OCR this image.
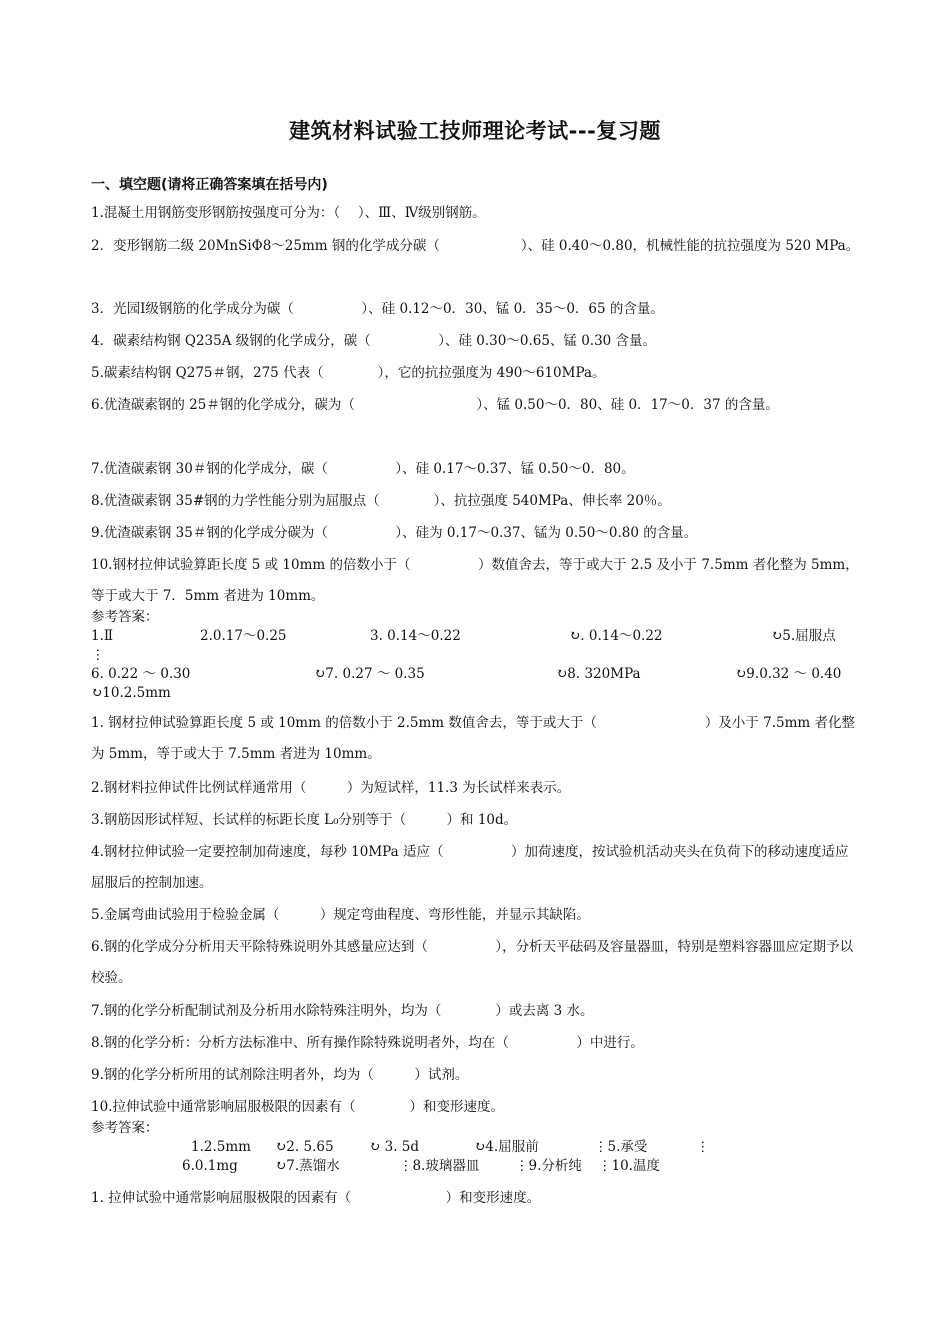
建筑材料试验工技师理论考试---复习题
一、填空题(请将正确答案填在括号内)

1.混凝土用钢筋变形钢筋按强度可分为：（　 ）、Ⅲ、Ⅳ级别钢筋。

2．变形钢筋二级 20MnSiΦ8～25mm 钢的化学成分碳（　　　　　　）、硅 0.40～0.80，机械性能的抗拉强度为 520 MPa。

3．光园Ⅰ级钢筋的化学成分为碳（　　　　　）、硅 0.12～0．30、锰 0．35～0．65 的含量。

4．碳素结构钢 Q235A 级钢的化学成分，碳（　　　　　）、硅 0.30～0.65、锰 0.30 含量。

5.碳素结构钢 Q275＃钢，275 代表（　　　　），它的抗拉强度为 490～610MPa。

6.优渣碳素钢的 25＃钢的化学成分，碳为（　　　　　　　　　）、锰 0.50～0．80、硅 0．17～0．37 的含量。

7.优渣碳素钢 30＃钢的化学成分，碳（　　　　　）、硅 0.17～0.37、锰 0.50～0．80。

8.优渣碳素钢 35#钢的力学性能分别为屈服点（　　　　）、抗拉强度 540MPa、伸长率 20％。

9.优渣碳素钢 35＃钢的化学成分碳为（　　　　　）、硅为 0.17～0.37、锰为 0.50～0.80 的含量。

10.钢材拉伸试验算距长度 5 或 10mm 的倍数小于（　　　　　）数值舍去，等于或大于 2.5 及小于 7.5mm 者化整为 5mm，等于或大于 7．5mm 者进为 10mm。

参考答案：
1.Ⅱ	2.0.17～0.25	3. 0.14～0.22	↻. 0.14～0.22	↻5.屈服点
⋮
6. 0.22 ～ 0.30	↻7. 0.27 ～ 0.35	↻8. 320MPa	↻9.0.32 ～ 0.40
↻10.2.5mm

1. 钢材拉伸试验算距长度 5 或 10mm 的倍数小于 2.5mm 数值舍去，等于或大于（　　　　　　　　）及小于 7.5mm 者化整为 5mm，等于或大于 7.5mm 者进为 10mm。

2.钢材料拉伸试件比例试样通常用（　　　）为短试样，11.3 为长试样来表示。

3.钢筋因形试样短、长试样的标距长度 L₀分别等于（　　　）和 10d。

4.钢材拉伸试验一定要控制加荷速度，每秒 10MPa 适应（　　　　　）加荷速度，按试验机活动夹头在负荷下的移动速度适应屈服后的控制加速。

5.金属弯曲试验用于检验金属（　　　）规定弯曲程度、弯形性能，并显示其缺陷。

6.钢的化学成分分析用天平除特殊说明外其感量应达到（　　　　　），分析天平砝码及容量器皿，特别是塑料容器皿应定期予以校验。

7.钢的化学分析配制试剂及分析用水除特殊注明外，均为（　　　　）或去离 3 水。

8.钢的化学分析：分析方法标准中、所有操作除特殊说明者外，均在（　　　　　）中进行。

9.钢的化学分析所用的试剂除注明者外，均为（　　　）试剂。

10.拉伸试验中通常影响屈服极限的因素有（　　　　）和变形速度。

参考答案：
1.2.5mm ↻2. 5.65	↻ 3. 5d	↻4.屈服前	⋮5.承受	⋮
6.0.1mg	↻7.蒸馏水	⋮8.玻璃器皿	⋮9.分析纯 ⋮10.温度

1. 拉伸试验中通常影响屈服极限的因素有（　　　　　　　）和变形速度。
